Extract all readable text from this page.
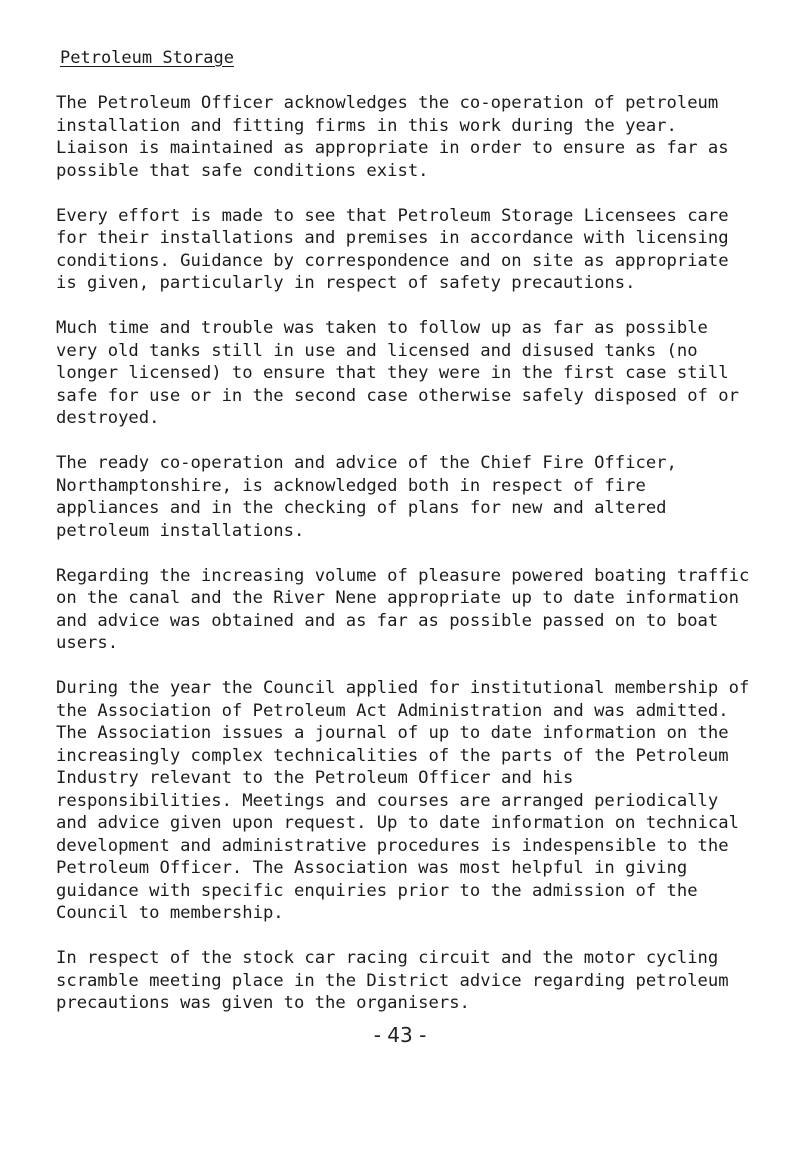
Petroleum Storage

The Petroleum Officer acknowledges the co-operation of petroleum installation and fitting firms in this work during the year. Liaison is maintained as appropriate in order to ensure as far as possible that safe conditions exist.

Every effort is made to see that Petroleum Storage Licensees care for their installations and premises in accordance with licensing conditions. Guidance by correspondence and on site as appropriate is given, particularly in respect of safety precautions.

Much time and trouble was taken to follow up as far as possible very old tanks still in use and licensed and disused tanks (no longer licensed) to ensure that they were in the first case still safe for use or in the second case otherwise safely disposed of or destroyed.

The ready co-operation and advice of the Chief Fire Officer, Northamptonshire, is acknowledged both in respect of fire appliances and in the checking of plans for new and altered petroleum installations.

Regarding the increasing volume of pleasure powered boating traffic on the canal and the River Nene appropriate up to date information and advice was obtained and as far as possible passed on to boat users.

During the year the Council applied for institutional membership of the Association of Petroleum Act Administration and was admitted. The Association issues a journal of up to date information on the increasingly complex technicalities of the parts of the Petroleum Industry relevant to the Petroleum Officer and his responsibilities. Meetings and courses are arranged periodically and advice given upon request. Up to date information on technical development and administrative procedures is indespensible to the Petroleum Officer. The Association was most helpful in giving guidance with specific enquiries prior to the admission of the Council to membership.

In respect of the stock car racing circuit and the motor cycling scramble meeting place in the District advice regarding petroleum precautions was given to the organisers.

- 43 -
